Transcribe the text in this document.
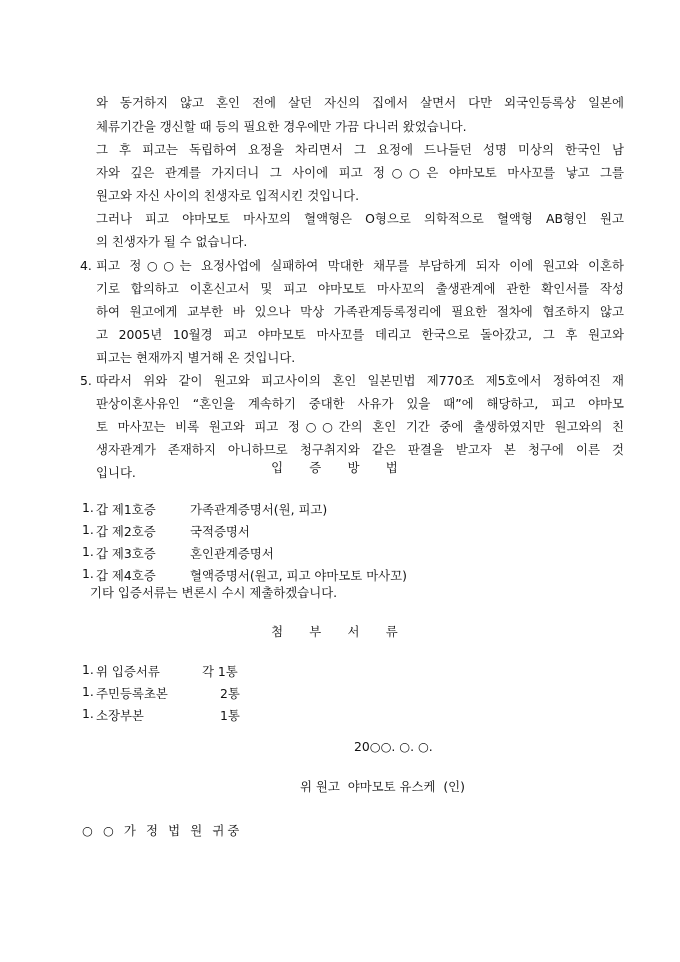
와 동거하지 않고 혼인 전에 살던 자신의 집에서 살면서 다만 외국인등록상 일본에
체류기간을 갱신할 때 등의 필요한 경우에만 가끔 다니러 왔었습니다.
그 후 피고는 독립하여 요정을 차리면서 그 요정에 드나들던 성명 미상의 한국인 남
자와 깊은 관계를 가지더니 그 사이에 피고 정○○은 야마모토 마사꼬를 낳고 그를
원고와 자신 사이의 친생자로 입적시킨 것입니다.
그러나 피고 야마모토 마사꼬의 혈액형은 O형으로 의학적으로 혈액형 AB형인 원고
의 친생자가 될 수 없습니다.
4. 피고 정○○는 요정사업에 실패하여 막대한 채무를 부담하게 되자 이에 원고와 이혼하
기로 합의하고 이혼신고서 및 피고 야마모토 마사꼬의 출생관계에 관한 확인서를 작성
하여 원고에게 교부한 바 있으나 막상 가족관계등록정리에 필요한 절차에 협조하지 않고
고 2005년 10월경 피고 야마모토 마사꼬를 데리고 한국으로 돌아갔고, 그 후 원고와
피고는 현재까지 별거해 온 것입니다.
5. 따라서 위와 같이 원고와 피고사이의 혼인 일본민법 제770조 제5호에서 정하여진 재
판상이혼사유인 “혼인을 계속하기 중대한 사유가 있을 때”에 해당하고, 피고 야마모
토 마사꼬는 비록 원고와 피고 정○○간의 혼인 기간 중에 출생하였지만 원고와의 친
생자관계가 존재하지 아니하므로 청구취지와 같은 판결을 받고자 본 청구에 이른 것
입니다.	입 증 방 법
1. 갑 제1호증	가족관계증명서(원, 피고)
1. 갑 제2호증	국적증명서
1. 갑 제3호증	혼인관계증명서
1. 갑 제4호증	혈액증명서(원고, 피고 야마모토 마사꼬)
기타 입증서류는 변론시 수시 제출하겠습니다.
첨 부 서 류
1. 위 입증서류	각 1통
1. 주민등록초본	2통
1. 소장부본	1통
20○○. ○. ○.
위 원고  야마모토 유스케  (인)
○ ○ 가 정 법 원 귀중
